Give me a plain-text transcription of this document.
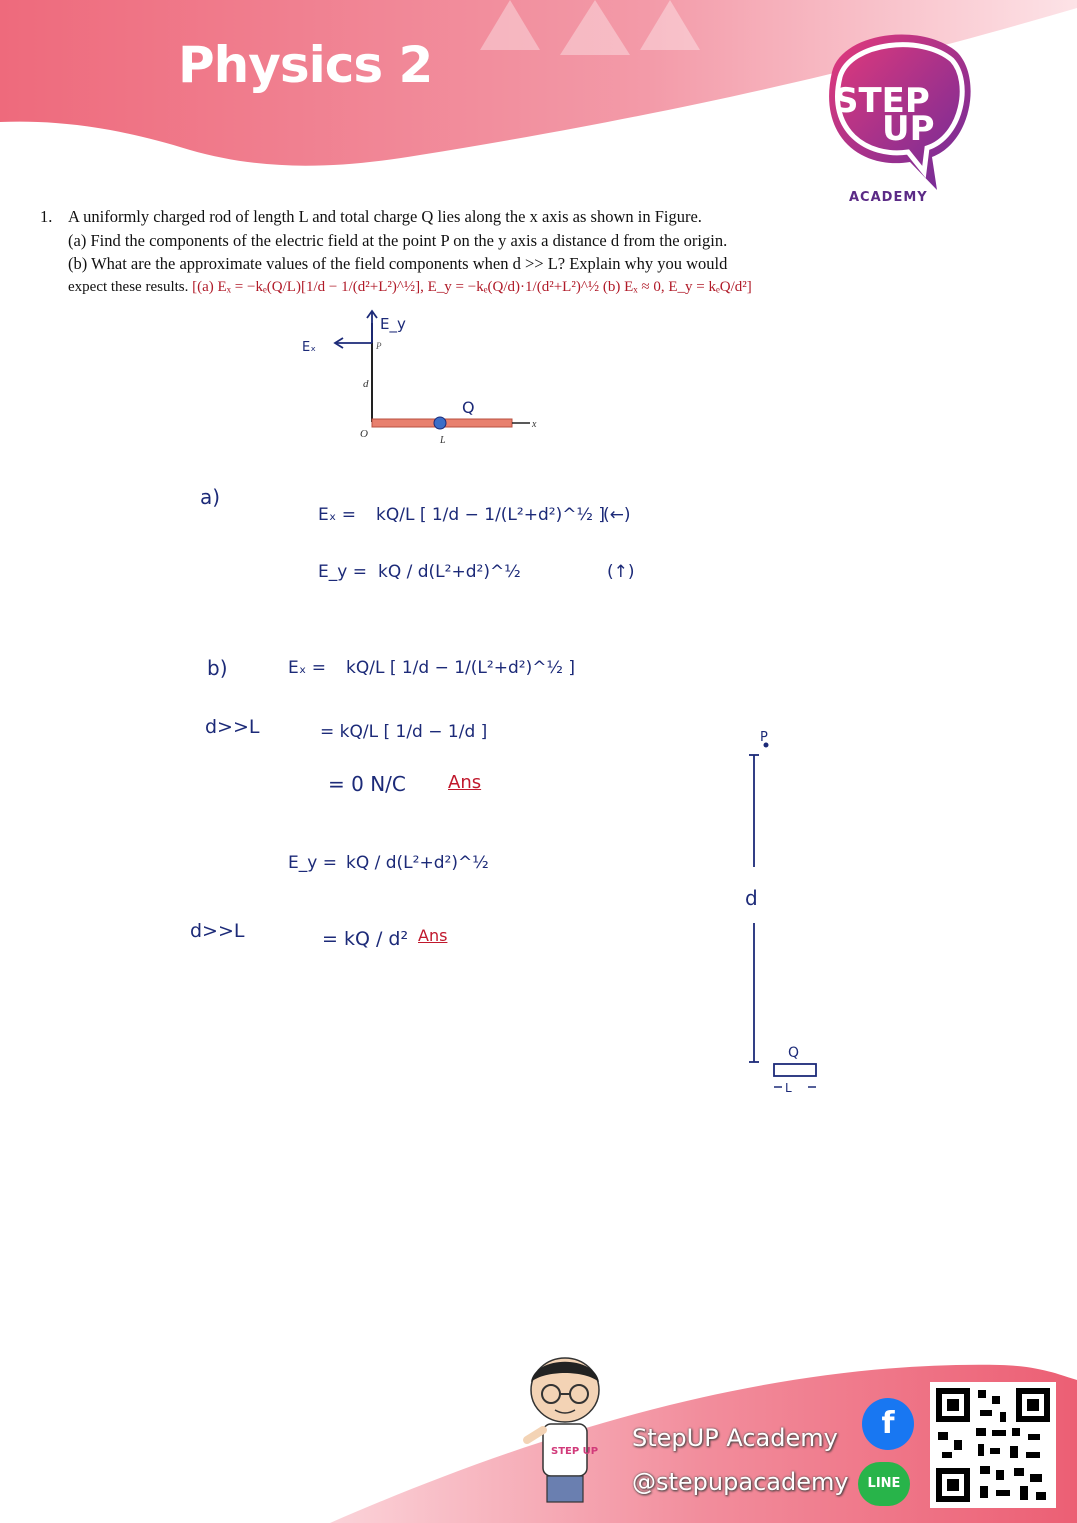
Physics 2
STEP
UP
ACADEMY
1. A uniformly charged rod of length L and total charge Q lies along the x axis as shown in Figure.
(a) Find the components of the electric field at the point P on the y axis a distance d from the origin.
(b) What are the approximate values of the field components when d >> L? Explain why you would
expect these results. [(a) Eₓ = −kₑ(Q/L)[1/d − 1/(d²+L²)^½], E_y = −kₑ(Q/d)·1/(d²+L²)^½ (b) Eₓ ≈ 0, E_y = kₑQ/d²]
Eₓ
E_y
P
d
O
L
x
Q
a)
Eₓ = kQ/L [ 1/d − 1/(L²+d²)^½ ]
(←)
E_y = kQ / d(L²+d²)^½	(↑)
b)
d>>L
Eₓ = kQ/L [ 1/d − 1/(L²+d²)^½ ]
= kQ/L [ 1/d − 1/d ]
= 0 N/C Ans
E_y = kQ / d(L²+d²)^½
d>>L	= kQ / d² Ans
P
d
Q
L
STEP UP StepUP Academy
@stepupacademy
f
LINE
